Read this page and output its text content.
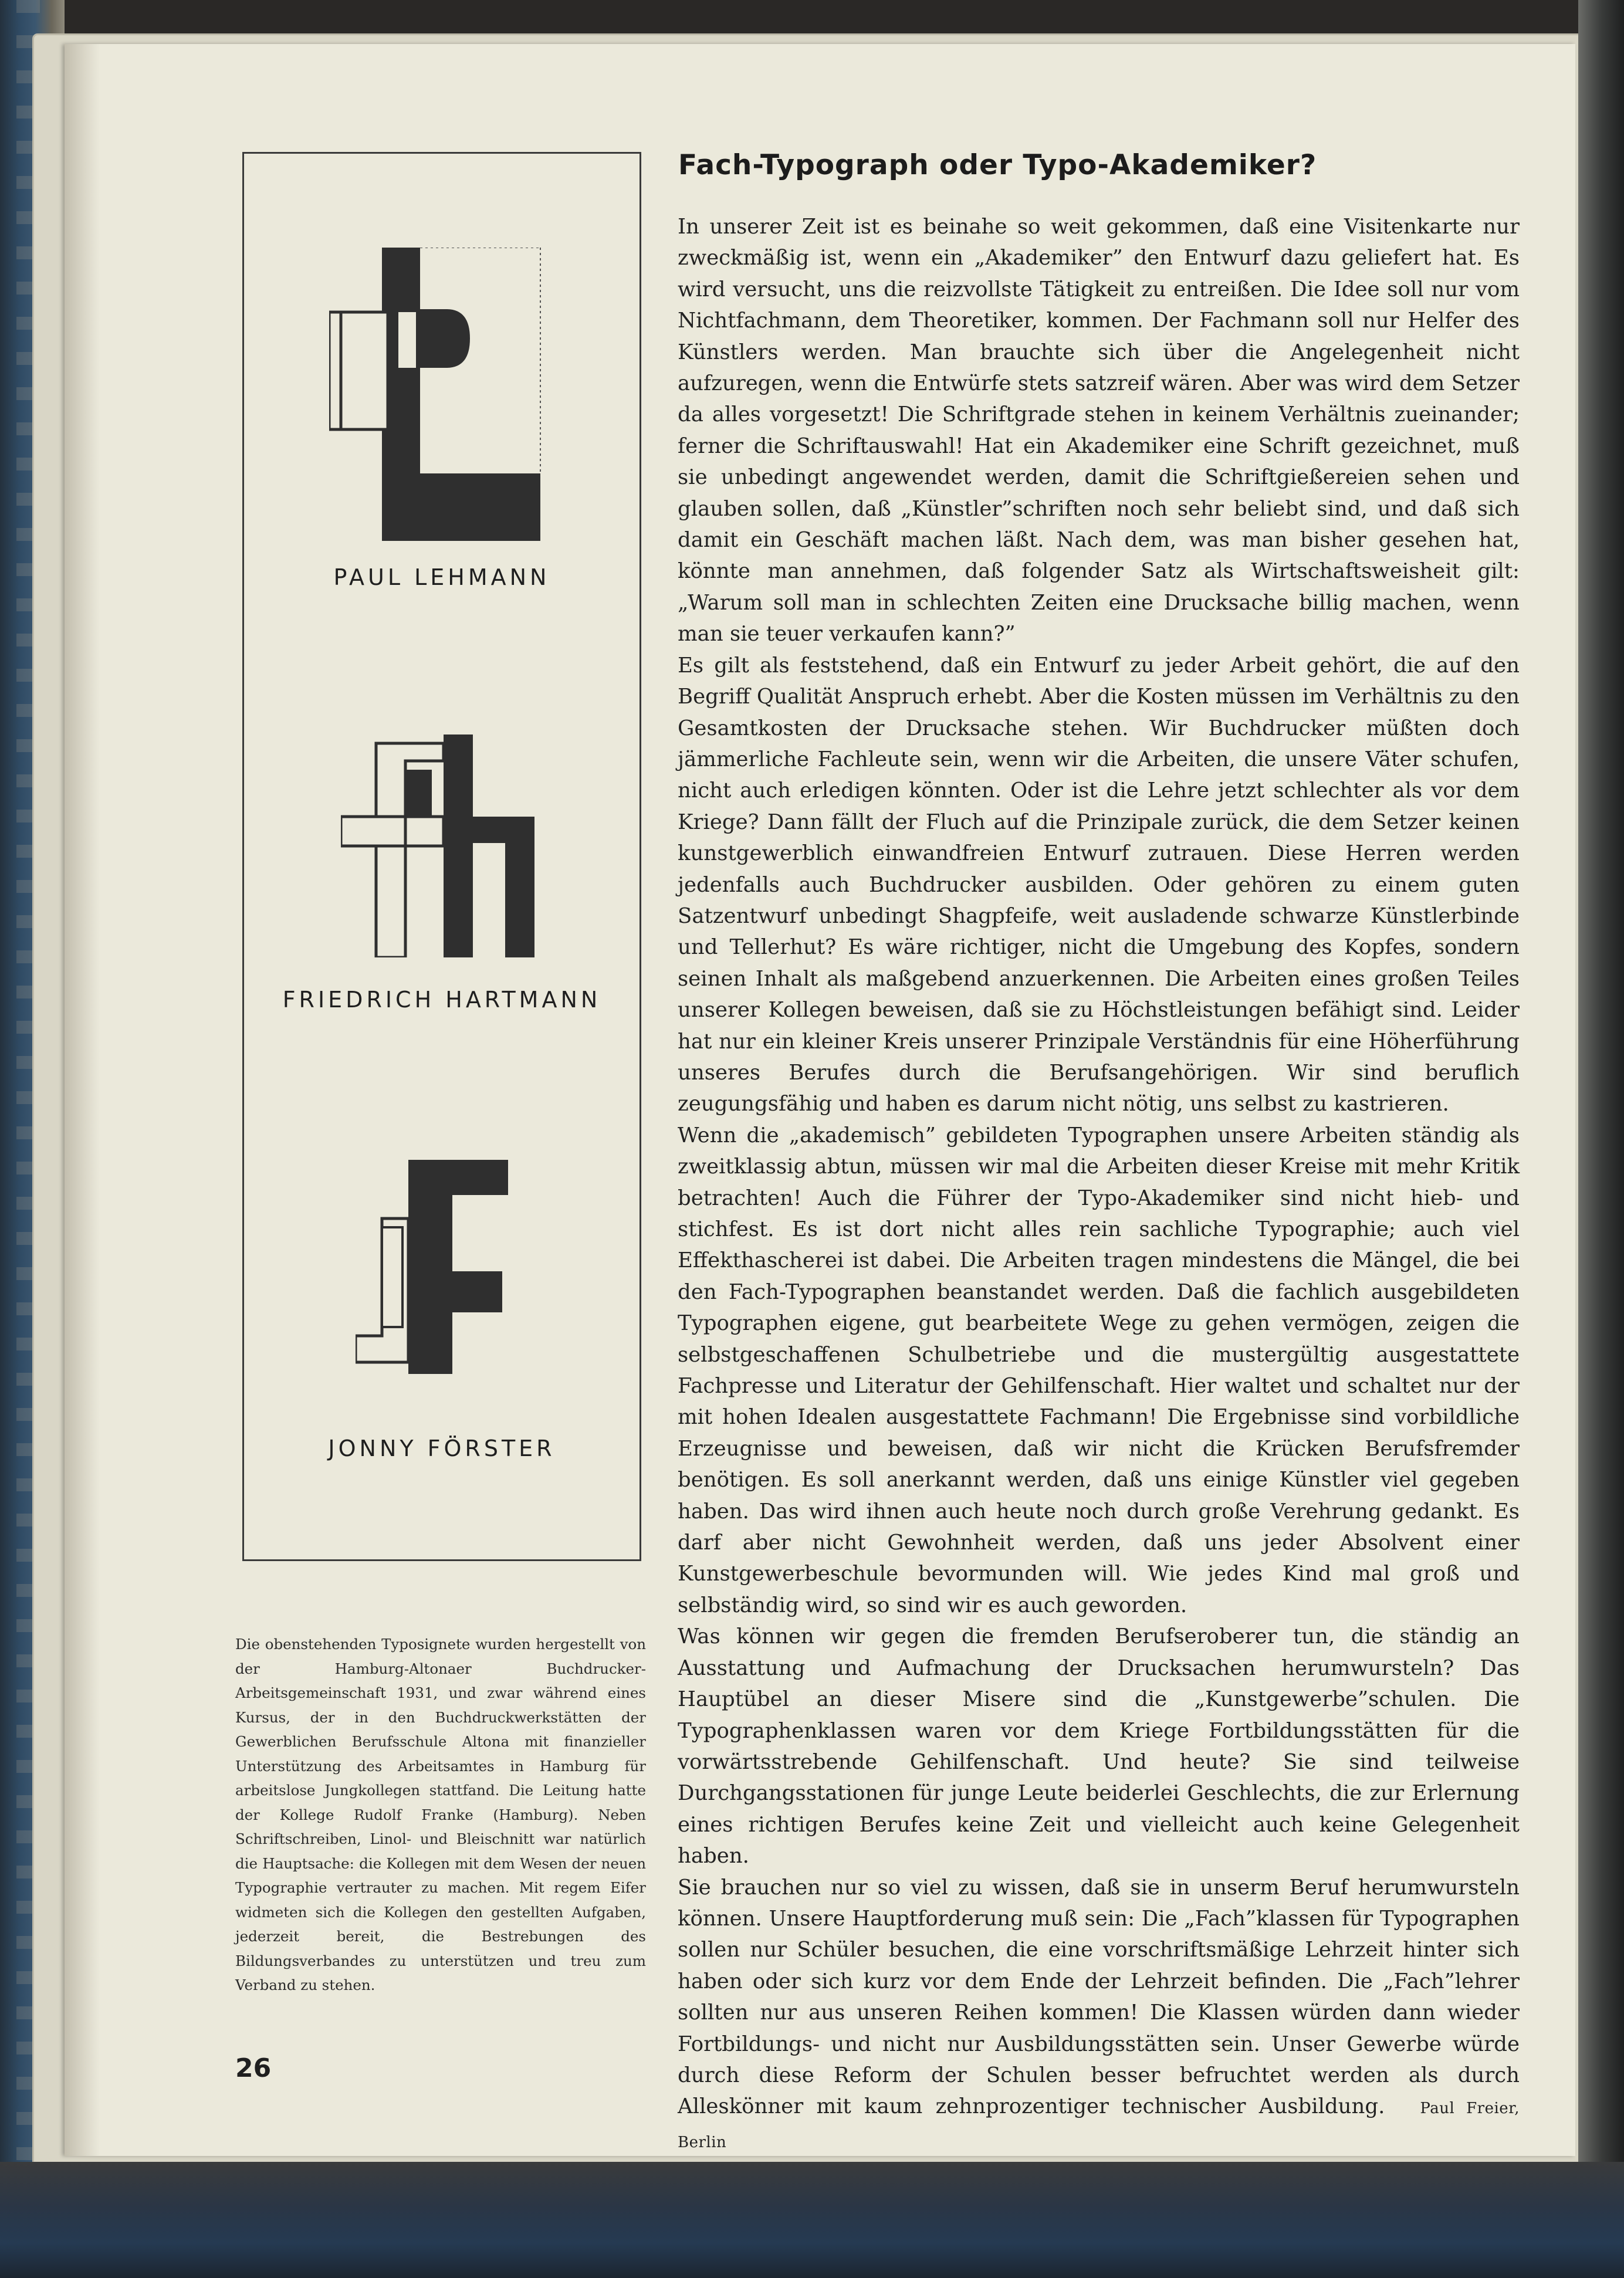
PAUL LEHMANN
FRIEDRICH HARTMANN
JONNY FÖRSTER
Die obenstehenden Typosignete wurden hergestellt von der Hamburg-Altonaer Buchdrucker-Arbeitsgemeinschaft 1931, und zwar während eines Kursus, der in den Buchdruckwerkstätten der Gewerblichen Berufsschule Altona mit finanzieller Unterstützung des Arbeitsamtes in Hamburg für arbeitslose Jungkollegen stattfand. Die Leitung hatte der Kollege Rudolf Franke (Hamburg). Neben Schriftschreiben, Linol- und Bleischnitt war natürlich die Hauptsache: die Kollegen mit dem Wesen der neuen Typographie vertrauter zu machen. Mit regem Eifer widmeten sich die Kollegen den gestellten Aufgaben, jederzeit bereit, die Bestrebungen des Bildungsverbandes zu unterstützen und treu zum Verband zu stehen.
26
Fach-Typograph oder Typo-Akademiker?

In unserer Zeit ist es beinahe so weit gekommen, daß eine Visitenkarte nur zweckmäßig ist, wenn ein „Akademiker” den Entwurf dazu geliefert hat. Es wird versucht, uns die reizvollste Tätigkeit zu entreißen. Die Idee soll nur vom Nichtfachmann, dem Theoretiker, kommen. Der Fachmann soll nur Helfer des Künstlers werden. Man brauchte sich über die Angelegenheit nicht aufzuregen, wenn die Entwürfe stets satzreif wären. Aber was wird dem Setzer da alles vorgesetzt! Die Schriftgrade stehen in keinem Verhältnis zueinander; ferner die Schriftauswahl! Hat ein Akademiker eine Schrift gezeichnet, muß sie unbedingt angewendet werden, damit die Schriftgießereien sehen und glauben sollen, daß „Künstler”schriften noch sehr beliebt sind, und daß sich damit ein Geschäft machen läßt. Nach dem, was man bisher gesehen hat, könnte man annehmen, daß folgender Satz als Wirtschaftsweisheit gilt: „Warum soll man in schlechten Zeiten eine Drucksache billig machen, wenn man sie teuer verkaufen kann?”

Es gilt als feststehend, daß ein Entwurf zu jeder Arbeit gehört, die auf den Begriff Qualität Anspruch erhebt. Aber die Kosten müssen im Verhältnis zu den Gesamtkosten der Drucksache stehen. Wir Buchdrucker müßten doch jämmerliche Fachleute sein, wenn wir die Arbeiten, die unsere Väter schufen, nicht auch erledigen könnten. Oder ist die Lehre jetzt schlechter als vor dem Kriege? Dann fällt der Fluch auf die Prinzipale zurück, die dem Setzer keinen kunstgewerblich einwandfreien Entwurf zutrauen. Diese Herren werden jedenfalls auch Buchdrucker ausbilden. Oder gehören zu einem guten Satzentwurf unbedingt Shagpfeife, weit ausladende schwarze Künstlerbinde und Tellerhut? Es wäre richtiger, nicht die Umgebung des Kopfes, sondern seinen Inhalt als maßgebend anzuerkennen. Die Arbeiten eines großen Teiles unserer Kollegen beweisen, daß sie zu Höchstleistungen befähigt sind. Leider hat nur ein kleiner Kreis unserer Prinzipale Verständnis für eine Höherführung unseres Berufes durch die Berufsangehörigen. Wir sind beruflich zeugungsfähig und haben es darum nicht nötig, uns selbst zu kastrieren.

Wenn die „akademisch” gebildeten Typographen unsere Arbeiten ständig als zweitklassig abtun, müssen wir mal die Arbeiten dieser Kreise mit mehr Kritik betrachten! Auch die Führer der Typo-Akademiker sind nicht hieb- und stichfest. Es ist dort nicht alles rein sachliche Typographie; auch viel Effekthascherei ist dabei. Die Arbeiten tragen mindestens die Mängel, die bei den Fach-Typographen beanstandet werden. Daß die fachlich ausgebildeten Typographen eigene, gut bearbeitete Wege zu gehen vermögen, zeigen die selbstgeschaffenen Schulbetriebe und die mustergültig ausgestattete Fachpresse und Literatur der Gehilfenschaft. Hier waltet und schaltet nur der mit hohen Idealen ausgestattete Fachmann! Die Ergebnisse sind vorbildliche Erzeugnisse und beweisen, daß wir nicht die Krücken Berufsfremder benötigen. Es soll anerkannt werden, daß uns einige Künstler viel gegeben haben. Das wird ihnen auch heute noch durch große Verehrung gedankt. Es darf aber nicht Gewohnheit werden, daß uns jeder Absolvent einer Kunstgewerbeschule bevormunden will. Wie jedes Kind mal groß und selbständig wird, so sind wir es auch geworden.

Was können wir gegen die fremden Berufseroberer tun, die ständig an Ausstattung und Aufmachung der Drucksachen herumwursteln? Das Hauptübel an dieser Misere sind die „Kunstgewerbe”schulen. Die Typographenklassen waren vor dem Kriege Fortbildungsstätten für die vorwärtsstrebende Gehilfenschaft. Und heute? Sie sind teilweise Durchgangsstationen für junge Leute beiderlei Geschlechts, die zur Erlernung eines richtigen Berufes keine Zeit und vielleicht auch keine Gelegenheit haben.

Sie brauchen nur so viel zu wissen, daß sie in unserm Beruf herumwursteln können. Unsere Hauptforderung muß sein: Die „Fach”klassen für Typographen sollen nur Schüler besuchen, die eine vorschriftsmäßige Lehrzeit hinter sich haben oder sich kurz vor dem Ende der Lehrzeit befinden. Die „Fach”lehrer sollten nur aus unseren Reihen kommen! Die Klassen würden dann wieder Fortbildungs- und nicht nur Ausbildungsstätten sein. Unser Gewerbe würde durch diese Reform der Schulen besser befruchtet werden als durch Alleskönner mit kaum zehnprozentiger technischer Ausbildung. Paul Freier, Berlin
